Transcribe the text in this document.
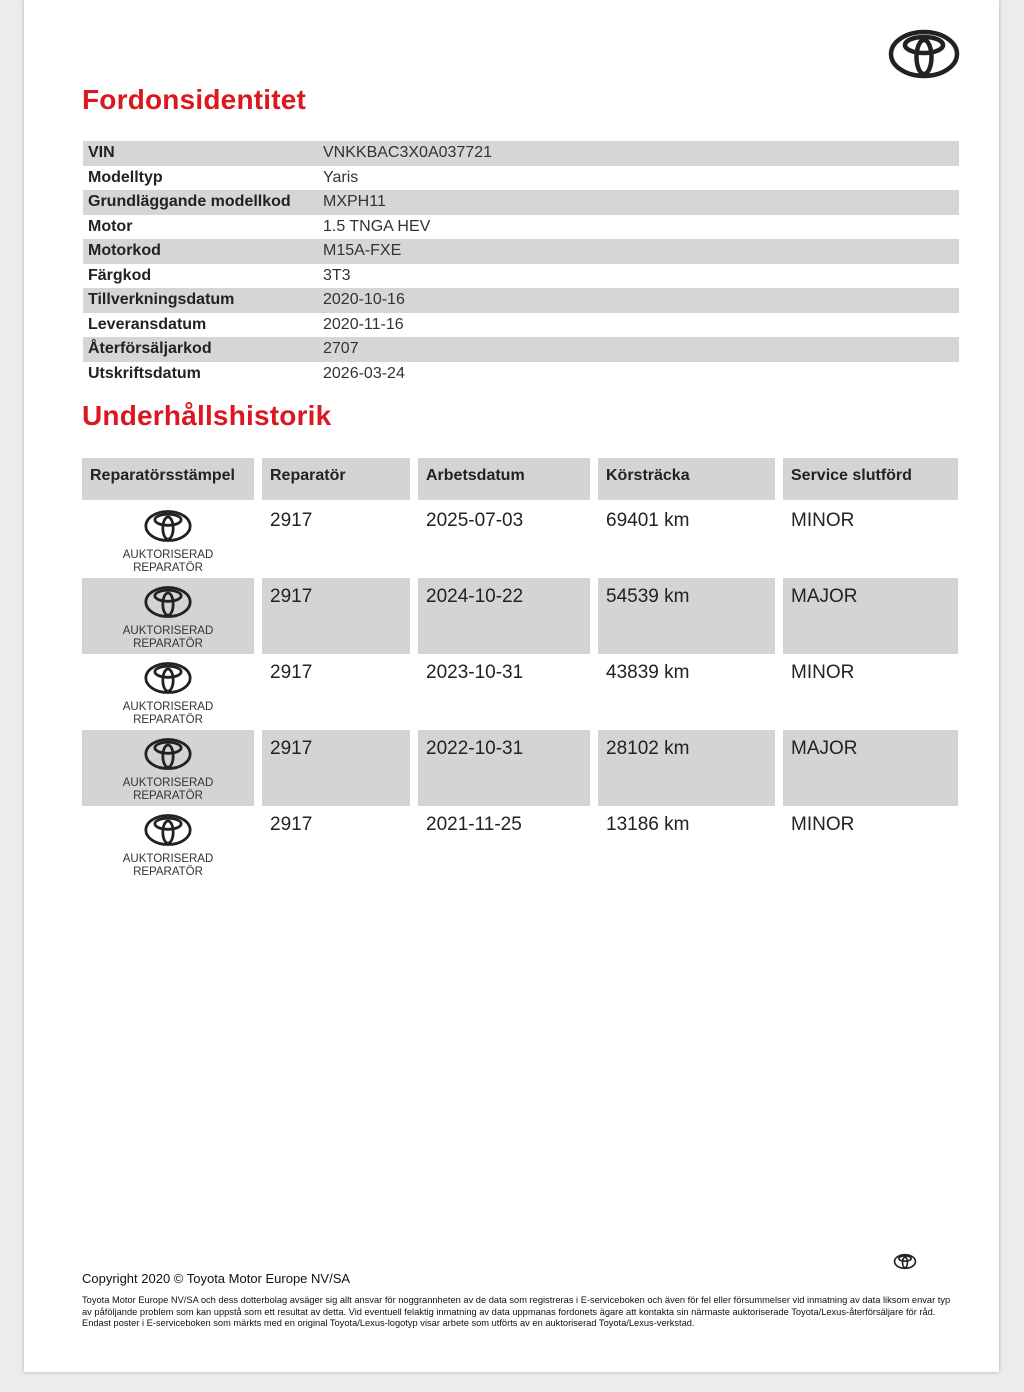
Fordonsidentitet
VIN	VNKKBAC3X0A037721
Modelltyp	Yaris
Grundläggande modellkod	MXPH11
Motor	1.5 TNGA HEV
Motorkod	M15A-FXE
Färgkod	3T3
Tillverkningsdatum	2020-10-16
Leveransdatum	2020-11-16
Återförsäljarkod	2707
Utskriftsdatum	2026-03-24
Underhållshistorik
Reparatörsstämpel	Reparatör	Arbetsdatum	Körsträcka	Service slutförd
AUKTORISERAD
REPARATÖR
2917	2025-07-03	69401 km	MINOR
AUKTORISERAD
REPARATÖR
2917	2024-10-22	54539 km	MAJOR
AUKTORISERAD
REPARATÖR
2917	2023-10-31	43839 km	MINOR
AUKTORISERAD
REPARATÖR
2917	2022-10-31	28102 km	MAJOR
AUKTORISERAD
REPARATÖR
2917	2021-11-25	13186 km	MINOR
Copyright 2020 © Toyota Motor Europe NV/SA
Toyota Motor Europe NV/SA och dess dotterbolag avsäger sig allt ansvar för noggrannheten av de data som registreras i E-serviceboken och även för fel eller försummelser vid inmatning av data liksom envar typ av påföljande problem som kan uppstå som ett resultat av detta. Vid eventuell felaktig inmatning av data uppmanas fordonets ägare att kontakta sin närmaste auktoriserade Toyota/Lexus-återförsäljare för råd. Endast poster i E-serviceboken som märkts med en original Toyota/Lexus-logotyp visar arbete som utförts av en auktoriserad Toyota/Lexus-verkstad.
